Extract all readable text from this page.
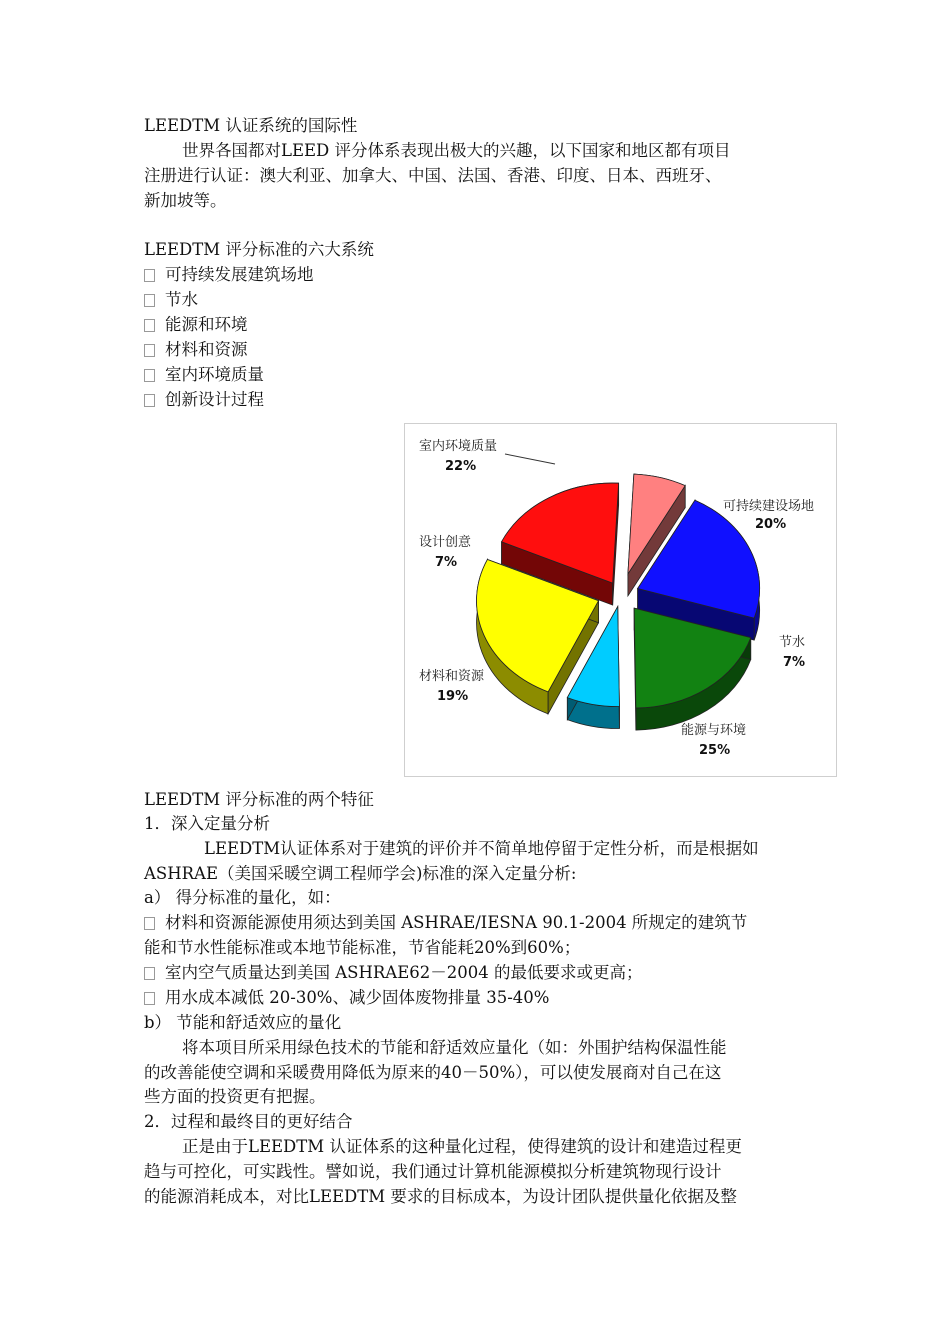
LEEDTM 认证系统的国际性
世界各国都对LEED 评分体系表现出极大的兴趣，以下国家和地区都有项目
注册进行认证：澳大利亚、加拿大、中国、法国、香港、印度、日本、西班牙、
新加坡等。
LEEDTM 评分标准的六大系统
可持续发展建筑场地
节水
能源和环境
材料和资源
室内环境质量
创新设计过程
室内环境质量
22%
可持续建设场地
20%
节水
7%
能源与环境
25%
材料和资源
19%
设计创意
7%
LEEDTM 评分标准的两个特征
1．深入定量分析
LEEDTM认证体系对于建筑的评价并不简单地停留于定性分析，而是根据如
ASHRAE（美国采暖空调工程师学会)标准的深入定量分析:
a） 得分标准的量化，如：
材料和资源能源使用须达到美国 ASHRAE/IESNA 90.1-2004 所规定的建筑节
能和节水性能标准或本地节能标准，节省能耗20%到60%；
室内空气质量达到美国 ASHRAE62－2004 的最低要求或更高；
用水成本减低 20-30%、减少固体废物排量 35-40%
b） 节能和舒适效应的量化
将本项目所采用绿色技术的节能和舒适效应量化（如：外围护结构保温性能
的改善能使空调和采暖费用降低为原来的40－50%），可以使发展商对自己在这
些方面的投资更有把握。
2．过程和最终目的更好结合
正是由于LEEDTM 认证体系的这种量化过程，使得建筑的设计和建造过程更
趋与可控化，可实践性。譬如说，我们通过计算机能源模拟分析建筑物现行设计
的能源消耗成本，对比LEEDTM 要求的目标成本，为设计团队提供量化依据及整
